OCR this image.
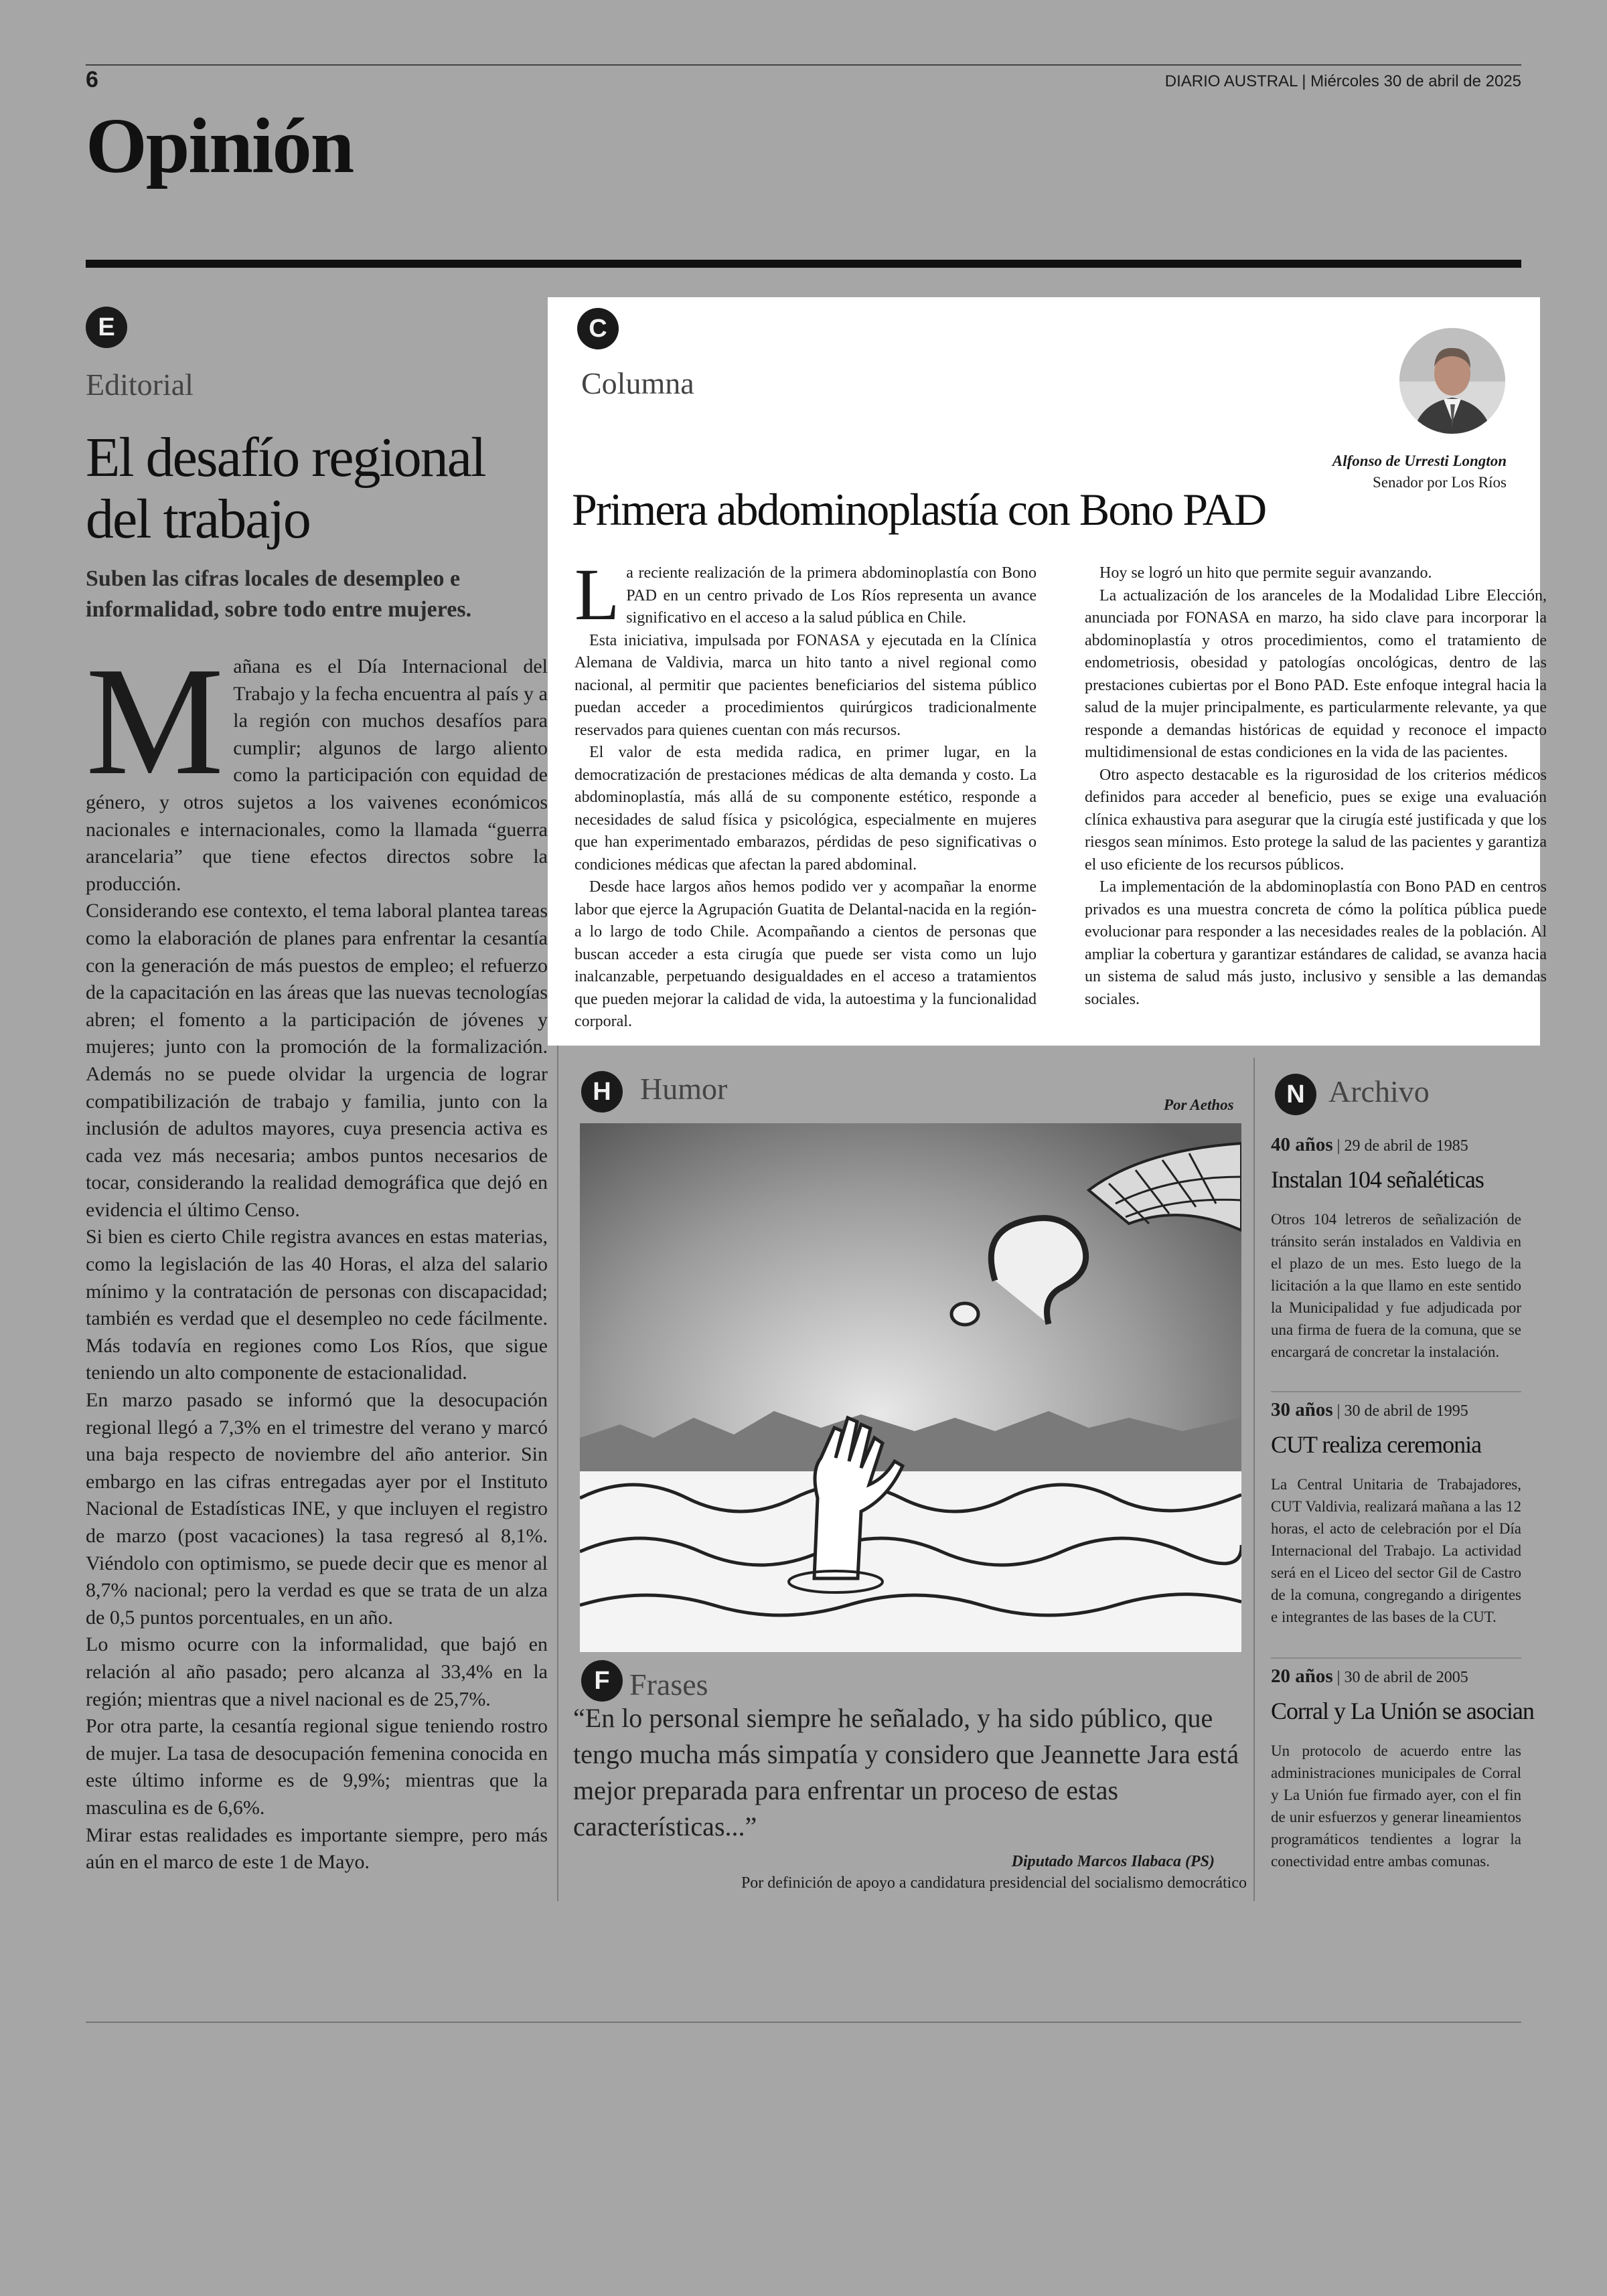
6	DIARIO AUSTRAL | Miércoles 30 de abril de 2025
Opinión
E
Editorial
El desafío regional del trabajo
Suben las cifras locales de desempleo e informalidad, sobre todo entre mujeres.
M añana es el Día Internacional del Trabajo y la fecha encuentra al país y a la región con muchos desafíos para cumplir; algunos de largo aliento como la participación con equidad de género, y otros sujetos a los vaivenes económicos nacionales e internacionales, como la llamada “guerra arancelaria” que tiene efectos directos sobre la producción.

Considerando ese contexto, el tema laboral plantea tareas como la elaboración de planes para enfrentar la cesantía con la generación de más puestos de empleo; el refuerzo de la capacitación en las áreas que las nuevas tecnologías abren; el fomento a la participación de jóvenes y mujeres; junto con la promoción de la formalización. Además no se puede olvidar la urgencia de lograr compatibilización de trabajo y familia, junto con la inclusión de adultos mayores, cuya presencia activa es cada vez más necesaria; ambos puntos necesarios de tocar, considerando la realidad demográfica que dejó en evidencia el último Censo.

Si bien es cierto Chile registra avances en estas materias, como la legislación de las 40 Horas, el alza del salario mínimo y la contratación de personas con discapacidad; también es verdad que el desempleo no cede fácilmente. Más todavía en regiones como Los Ríos, que sigue teniendo un alto componente de estacionalidad.

En marzo pasado se informó que la desocupación regional llegó a 7,3% en el trimestre del verano y marcó una baja respecto de noviembre del año anterior. Sin embargo en las cifras entregadas ayer por el Instituto Nacional de Estadísticas INE, y que incluyen el registro de marzo (post vacaciones) la tasa regresó al 8,1%. Viéndolo con optimismo, se puede decir que es menor al 8,7% nacional; pero la verdad es que se trata de un alza de 0,5 puntos porcentuales, en un año.

Lo mismo ocurre con la informalidad, que bajó en relación al año pasado; pero alcanza al 33,4% en la región; mientras que a nivel nacional es de 25,7%.

Por otra parte, la cesantía regional sigue teniendo rostro de mujer. La tasa de desocupación femenina conocida en este último informe es de 9,9%; mientras que la masculina es de 6,6%.

Mirar estas realidades es importante siempre, pero más aún en el marco de este 1 de Mayo.

C
Columna
Alfonso de Urresti Longton
Senador por Los Ríos
Primera abdominoplastía con Bono PAD

La reciente realización de la primera abdominoplastía con Bono PAD en un centro privado de Los Ríos representa un avance significativo en el acceso a la salud pública en Chile.

Esta iniciativa, impulsada por FONASA y ejecutada en la Clínica Alemana de Valdivia, marca un hito tanto a nivel regional como nacional, al permitir que pacientes beneficiarios del sistema público puedan acceder a procedimientos quirúrgicos tradicionalmente reservados para quienes cuentan con más recursos.

El valor de esta medida radica, en primer lugar, en la democratización de prestaciones médicas de alta demanda y costo. La abdominoplastía, más allá de su componente estético, responde a necesidades de salud física y psicológica, especialmente en mujeres que han experimentado embarazos, pérdidas de peso significativas o condiciones médicas que afectan la pared abdominal.

Desde hace largos años hemos podido ver y acompañar la enorme labor que ejerce la Agrupación Guatita de Delantal-nacida en la región- a lo largo de todo Chile. Acompañando a cientos de personas que buscan acceder a esta cirugía que puede ser vista como un lujo inalcanzable, perpetuando desigualdades en el acceso a tratamientos que pueden mejorar la calidad de vida, la autoestima y la funcionalidad corporal.

Hoy se logró un hito que permite seguir avanzando.

La actualización de los aranceles de la Modalidad Libre Elección, anunciada por FONASA en marzo, ha sido clave para incorporar la abdominoplastía y otros procedimientos, como el tratamiento de endometriosis, obesidad y patologías oncológicas, dentro de las prestaciones cubiertas por el Bono PAD. Este enfoque integral hacia la salud de la mujer principalmente, es particularmente relevante, ya que responde a demandas históricas de equidad y reconoce el impacto multidimensional de estas condiciones en la vida de las pacientes.

Otro aspecto destacable es la rigurosidad de los criterios médicos definidos para acceder al beneficio, pues se exige una evaluación clínica exhaustiva para asegurar que la cirugía esté justificada y que los riesgos sean mínimos. Esto protege la salud de las pacientes y garantiza el uso eficiente de los recursos públicos.

La implementación de la abdominoplastía con Bono PAD en centros privados es una muestra concreta de cómo la política pública puede evolucionar para responder a las necesidades reales de la población. Al ampliar la cobertura y garantizar estándares de calidad, se avanza hacia un sistema de salud más justo, inclusivo y sensible a las demandas sociales.

H Humor	Por Aethos
F Frases
“En lo personal siempre he señalado, y ha sido público, que tengo mucha más simpatía y considero que Jeannette Jara está mejor preparada para enfrentar un proceso de estas características...”
Diputado Marcos Ilabaca (PS)
Por definición de apoyo a candidatura presidencial del socialismo democrático
N Archivo
40 años | 29 de abril de 1985
Instalan 104 señaléticas
Otros 104 letreros de señalización de tránsito serán instalados en Valdivia en el plazo de un mes. Esto luego de la licitación a la que llamo en este sentido la Municipalidad y fue adjudicada por una firma de fuera de la comuna, que se encargará de concretar la instalación.
30 años | 30 de abril de 1995
CUT realiza ceremonia
La Central Unitaria de Trabajadores, CUT Valdivia, realizará mañana a las 12 horas, el acto de celebración por el Día Internacional del Trabajo. La actividad será en el Liceo del sector Gil de Castro de la comuna, congregando a dirigentes e integrantes de las bases de la CUT.
20 años | 30 de abril de 2005
Corral y La Unión se asocian
Un protocolo de acuerdo entre las administraciones municipales de Corral y La Unión fue firmado ayer, con el fin de unir esfuerzos y generar lineamientos programáticos tendientes a lograr la conectividad entre ambas comunas.
